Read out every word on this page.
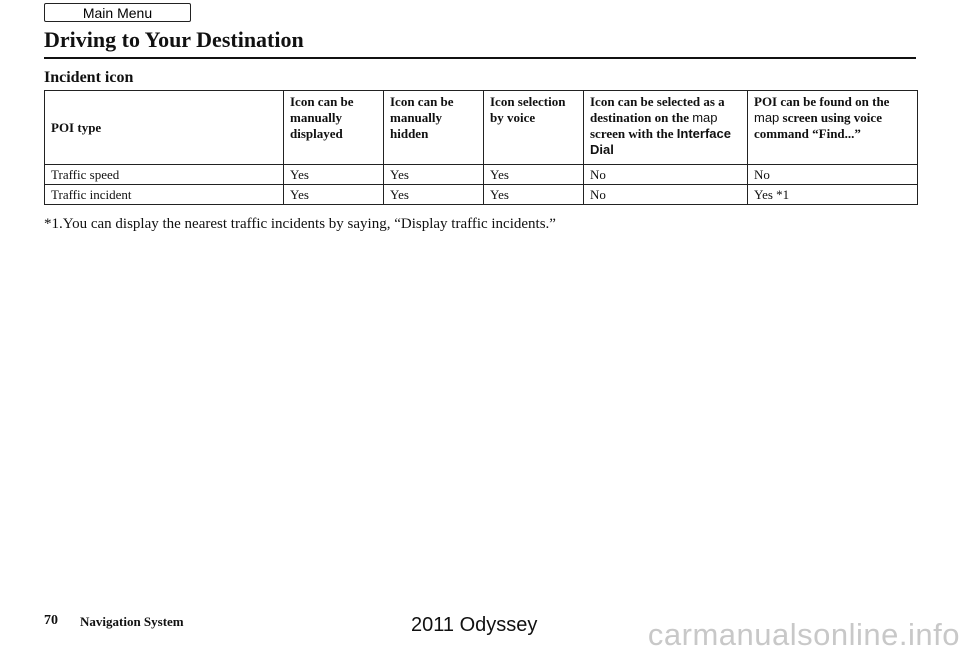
Main Menu
Driving to Your Destination
Incident icon
POI type	Icon can be manually displayed	Icon can be manually hidden	Icon selection by voice	Icon can be selected as a destination on the map screen with the Interface Dial	POI can be found on the map screen using voice command “Find...”
Traffic speed	Yes	Yes	Yes	No	No
Traffic incident	Yes	Yes	Yes	No	Yes *1

*1.You can display the nearest traffic incidents by saying, “Display traffic incidents.”

70 Navigation System	2011 Odyssey	carmanualsonline.info
